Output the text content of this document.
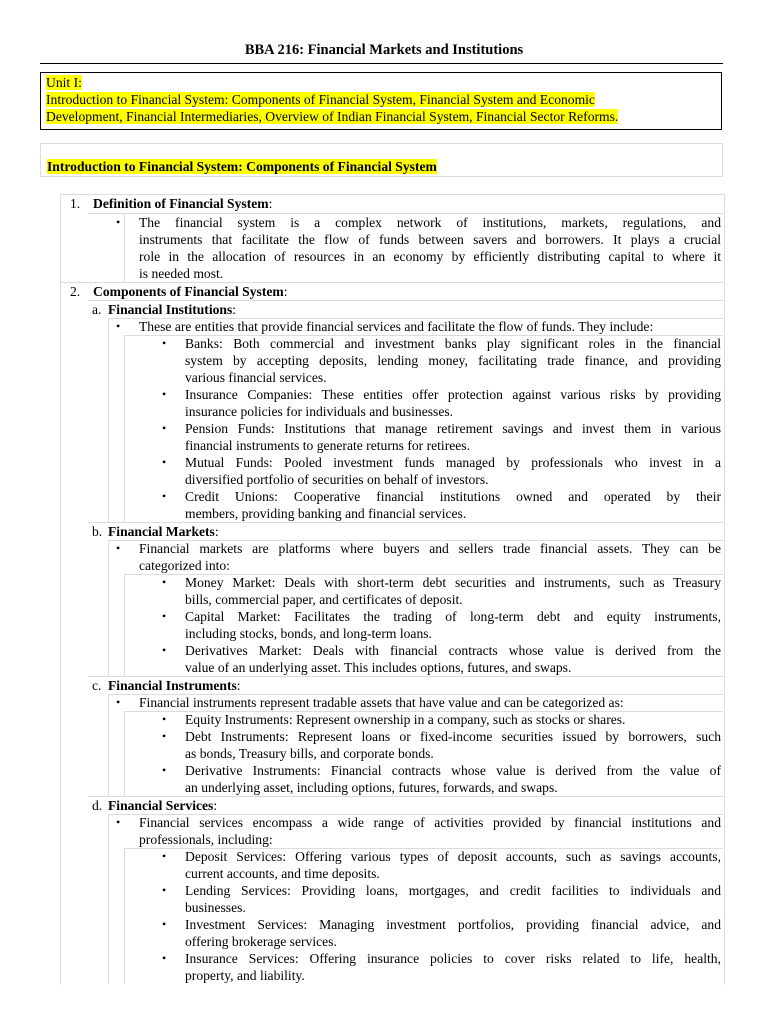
BBA 216: Financial Markets and Institutions
Unit I:
Introduction to Financial System: Components of Financial System, Financial System and Economic
Development, Financial Intermediaries, Overview of Indian Financial System, Financial Sector Reforms.
Introduction to Financial System: Components of Financial System
1. Definition of Financial System:
• The financial system is a complex network of institutions, markets, regulations, and
instruments that facilitate the flow of funds between savers and borrowers. It plays a crucial
role in the allocation of resources in an economy by efficiently distributing capital to where it
is needed most.
2. Components of Financial System:
a. Financial Institutions:
• These are entities that provide financial services and facilitate the flow of funds. They include:
• Banks: Both commercial and investment banks play significant roles in the financial
system by accepting deposits, lending money, facilitating trade finance, and providing
various financial services.
• Insurance Companies: These entities offer protection against various risks by providing
insurance policies for individuals and businesses.
• Pension Funds: Institutions that manage retirement savings and invest them in various
financial instruments to generate returns for retirees.
• Mutual Funds: Pooled investment funds managed by professionals who invest in a
diversified portfolio of securities on behalf of investors.
• Credit Unions: Cooperative financial institutions owned and operated by their
members, providing banking and financial services.
b. Financial Markets:
• Financial markets are platforms where buyers and sellers trade financial assets. They can be
categorized into:
• Money Market: Deals with short-term debt securities and instruments, such as Treasury
bills, commercial paper, and certificates of deposit.
• Capital Market: Facilitates the trading of long-term debt and equity instruments,
including stocks, bonds, and long-term loans.
• Derivatives Market: Deals with financial contracts whose value is derived from the
value of an underlying asset. This includes options, futures, and swaps.
c. Financial Instruments:
• Financial instruments represent tradable assets that have value and can be categorized as:
• Equity Instruments: Represent ownership in a company, such as stocks or shares.
• Debt Instruments: Represent loans or fixed-income securities issued by borrowers, such
as bonds, Treasury bills, and corporate bonds.
• Derivative Instruments: Financial contracts whose value is derived from the value of
an underlying asset, including options, futures, forwards, and swaps.
d. Financial Services:
• Financial services encompass a wide range of activities provided by financial institutions and
professionals, including:
• Deposit Services: Offering various types of deposit accounts, such as savings accounts,
current accounts, and time deposits.
• Lending Services: Providing loans, mortgages, and credit facilities to individuals and
businesses.
• Investment Services: Managing investment portfolios, providing financial advice, and
offering brokerage services.
• Insurance Services: Offering insurance policies to cover risks related to life, health,
property, and liability.
